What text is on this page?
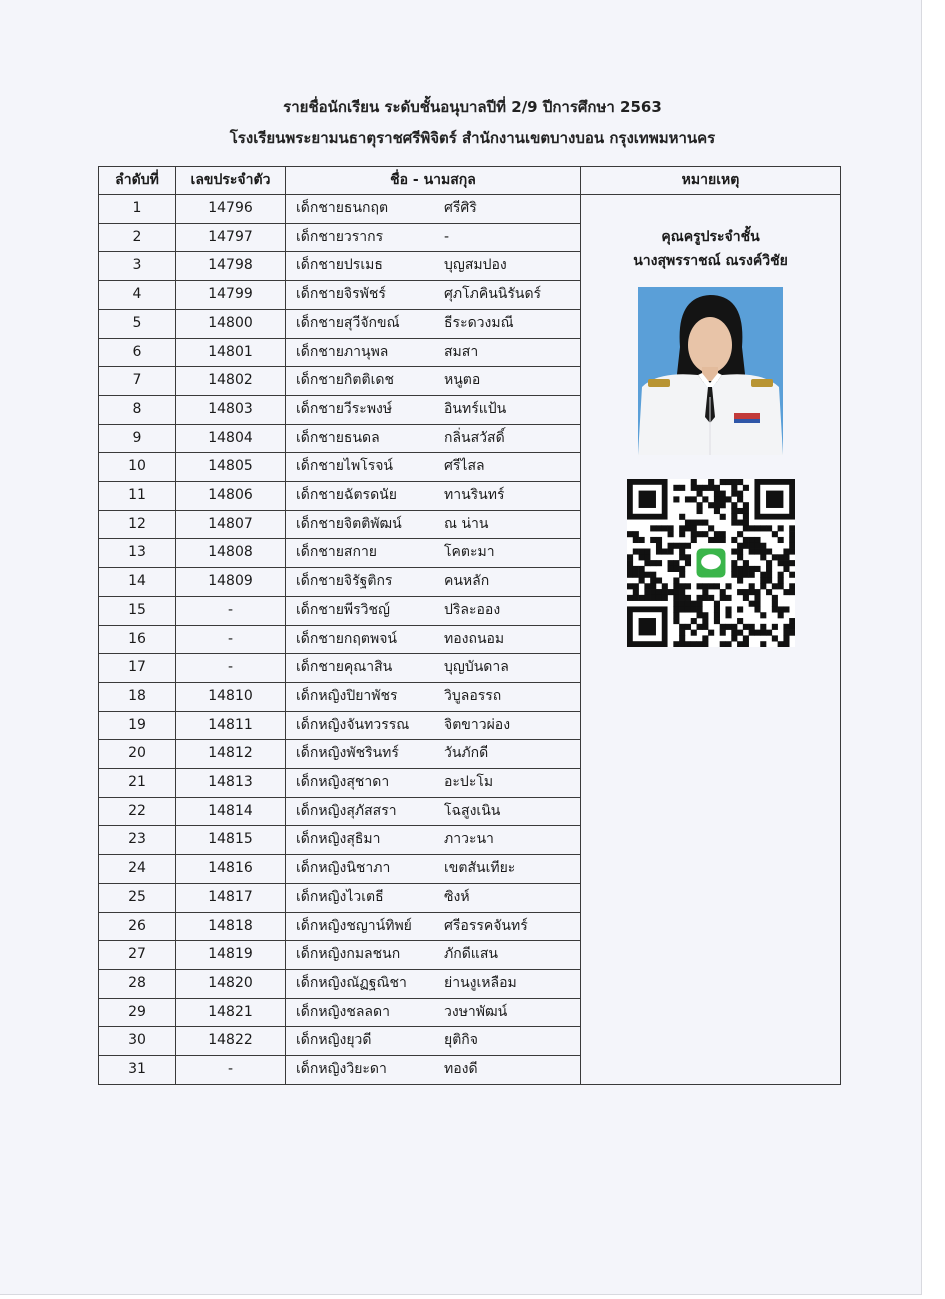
รายชื่อนักเรียน ระดับชั้นอนุบาลปีที่ 2/9 ปีการศึกษา 2563
โรงเรียนพระยามนธาตุราชศรีพิจิตร์ สำนักงานเขตบางบอน กรุงเทพมหานคร
ลำดับที่	เลขประจำตัว	ชื่อ - นามสกุล	หมายเหตุ
1	14796	เด็กชายธนกฤต ศรีศิริ	คุณครูประจำชั้น
นางสุพรราชณ์ ณรงค์วิชัย

2	14797	เด็กชายวรากร -	
3	14798	เด็กชายปรเมธ บุญสมปอง	
4	14799	เด็กชายจิรพัชร์ ศุภโภคินนิรันดร์	
5	14800	เด็กชายสุวีจักขณ์ ธีระดวงมณี	
6	14801	เด็กชายภานุพล สมสา	
7	14802	เด็กชายกิตติเดช หนูตอ	
8	14803	เด็กชายวีระพงษ์ อินทร์แป้น	
9	14804	เด็กชายธนดล กลิ่นสวัสดิ์	
10	14805	เด็กชายไพโรจน์ ศรีไสล	
11	14806	เด็กชายฉัตรดนัย ทานรินทร์	
12	14807	เด็กชายจิตติพัฒน์ ณ น่าน	
13	14808	เด็กชายสกาย โคตะมา	
14	14809	เด็กชายจิรัฐติกร คนหลัก	
15	-	เด็กชายพีรวิชญ์ ปริละออง	
16	-	เด็กชายกฤตพจน์ ทองถนอม	
17	-	เด็กชายคุณาสิน บุญบันดาล	
18	14810	เด็กหญิงปิยาพัชร วิบูลอรรถ	
19	14811	เด็กหญิงจันทวรรณ จิตขาวผ่อง	
20	14812	เด็กหญิงพัชรินทร์ วันภักดี	
21	14813	เด็กหญิงสุชาดา อะปะโม	
22	14814	เด็กหญิงสุภัสสรา โฉสูงเนิน	
23	14815	เด็กหญิงสุธิมา ภาวะนา	
24	14816	เด็กหญิงนิชาภา เขตสันเทียะ	
25	14817	เด็กหญิงไวเตธี ซิงห์	
26	14818	เด็กหญิงชญาน์ทิพย์ ศรีอรรคจันทร์	
27	14819	เด็กหญิงกมลชนก ภักดีแสน	
28	14820	เด็กหญิงณัฏฐณิชา ย่านงูเหลือม	
29	14821	เด็กหญิงชลลดา วงษาพัฒน์	
30	14822	เด็กหญิงยุวดี ยุติกิจ	
31	-	เด็กหญิงวิยะดา ทองดี	
